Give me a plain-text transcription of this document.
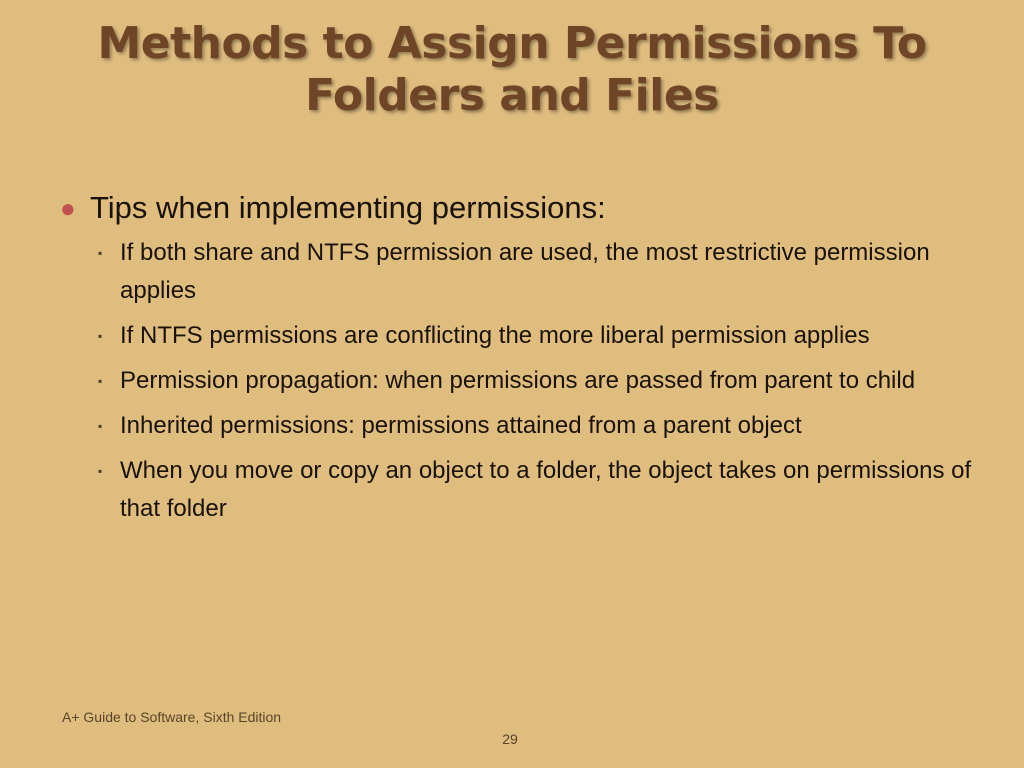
Methods to Assign Permissions To
Folders and Files
● Tips when implementing permissions:
▪ If both share and NTFS permission are used, the most restrictive permission applies
▪ If NTFS permissions are conflicting the more liberal permission applies
▪ Permission propagation: when permissions are passed from parent to child
▪ Inherited permissions: permissions attained from a parent object
▪ When you move or copy an object to a folder, the object takes on permissions of that folder
A+ Guide to Software, Sixth Edition
29
